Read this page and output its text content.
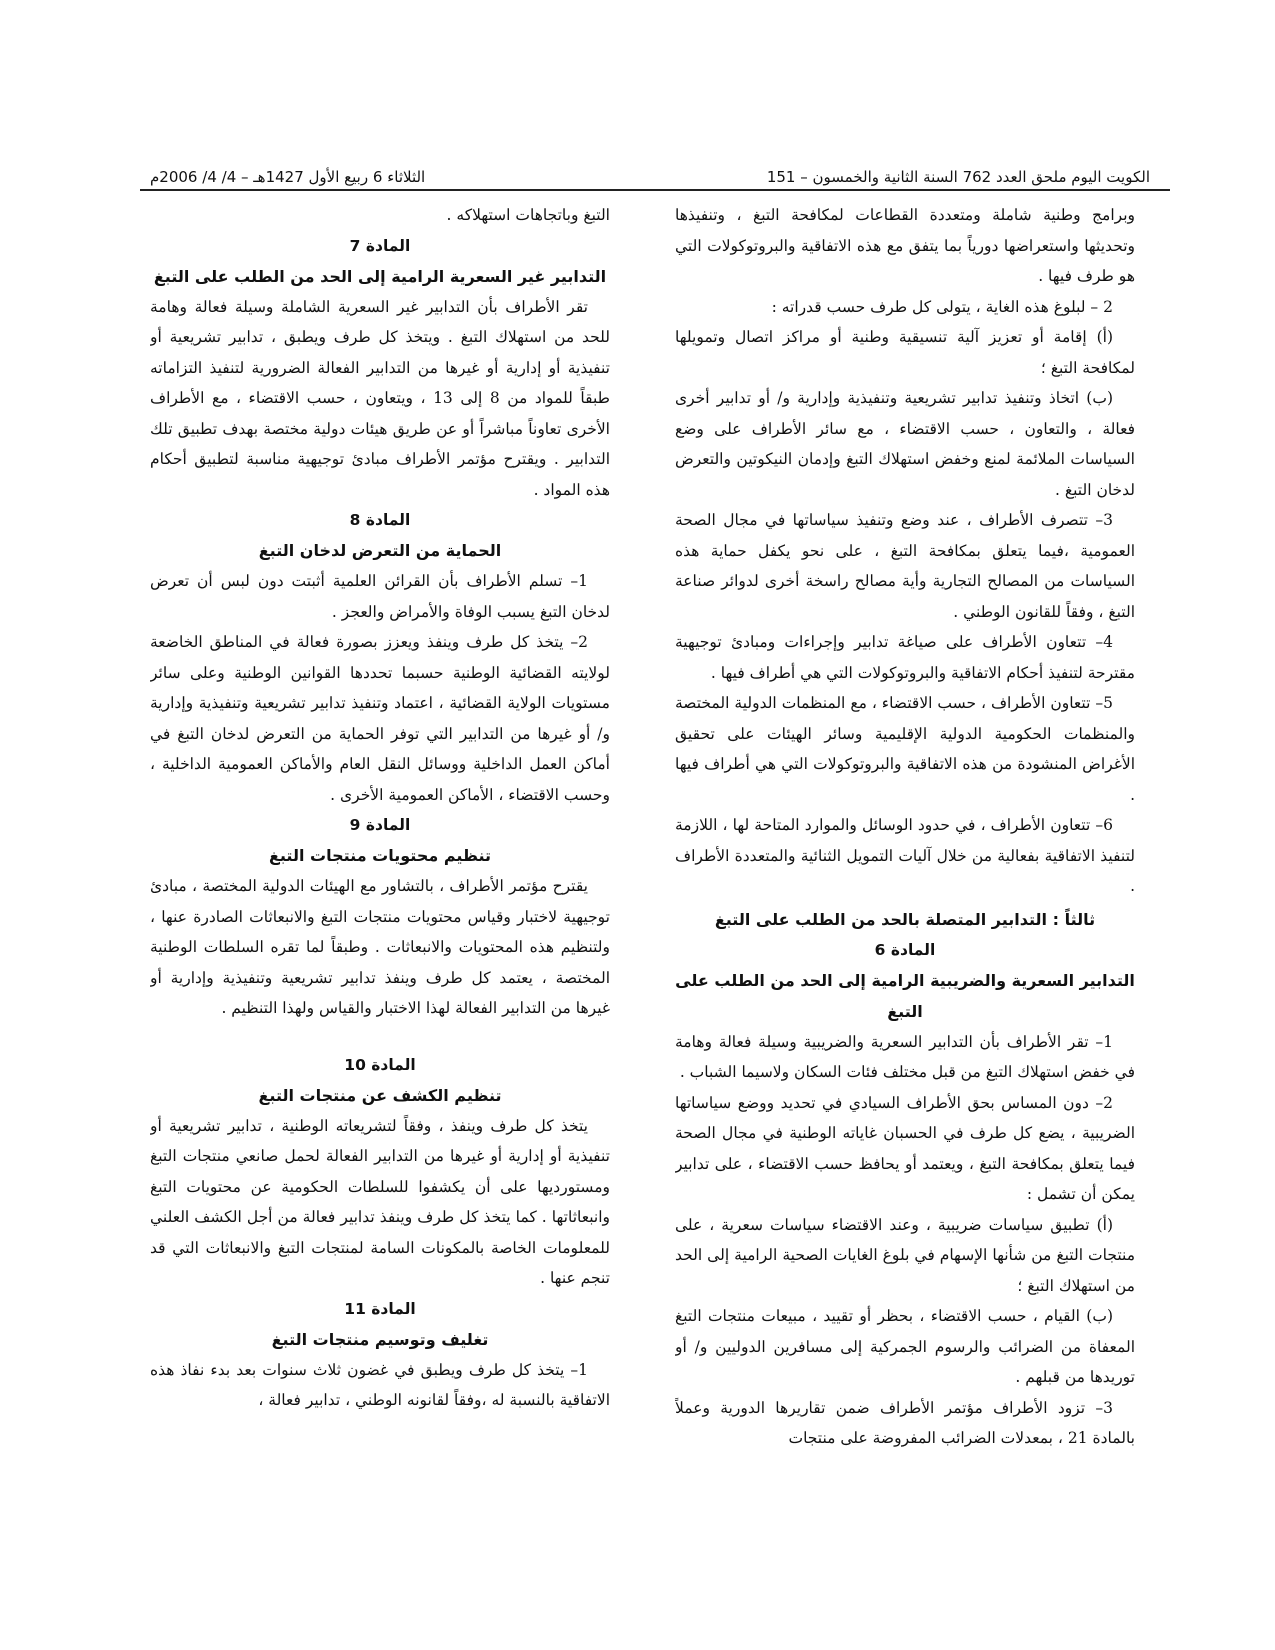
الكويت اليوم ملحق العدد 762 السنة الثانية والخمسون – 151
الثلاثاء 6 ربيع الأول 1427هـ – 4/ 4/ 2006م

وبرامج وطنية شاملة ومتعددة القطاعات لمكافحة التبغ ، وتنفيذها وتحديثها واستعراضها دورياً بما يتفق مع هذه الاتفاقية والبروتوكولات التي هو طرف فيها .

2 – لبلوغ هذه الغاية ، يتولى كل طرف حسب قدراته :

(أ) إقامة أو تعزيز آلية تنسيقية وطنية أو مراكز اتصال وتمويلها لمكافحة التبغ ؛

(ب) اتخاذ وتنفيذ تدابير تشريعية وتنفيذية وإدارية و/ أو تدابير أخرى فعالة ، والتعاون ، حسب الاقتضاء ، مع سائر الأطراف على وضع السياسات الملائمة لمنع وخفض استهلاك التبغ وإدمان النيكوتين والتعرض لدخان التبغ .

3– تتصرف الأطراف ، عند وضع وتنفيذ سياساتها في مجال الصحة العمومية ،فيما يتعلق بمكافحة التبغ ، على نحو يكفل حماية هذه السياسات من المصالح التجارية وأية مصالح راسخة أخرى لدوائر صناعة التبغ ، وفقاً للقانون الوطني .

4– تتعاون الأطراف على صياغة تدابير وإجراءات ومبادئ توجيهية مقترحة لتنفيذ أحكام الاتفاقية والبروتوكولات التي هي أطراف فيها .

5– تتعاون الأطراف ، حسب الاقتضاء ، مع المنظمات الدولية المختصة والمنظمات الحكومية الدولية الإقليمية وسائر الهيئات على تحقيق الأغراض المنشودة من هذه الاتفاقية والبروتوكولات التي هي أطراف فيها .

6– تتعاون الأطراف ، في حدود الوسائل والموارد المتاحة لها ، اللازمة لتنفيذ الاتفاقية بفعالية من خلال آليات التمويل الثنائية والمتعددة الأطراف .

ثالثاً : التدابير المتصلة بالحد من الطلب على التبغ
المادة 6
التدابير السعرية والضريبية الرامية إلى الحد من الطلب على التبغ

1– تقر الأطراف بأن التدابير السعرية والضريبية وسيلة فعالة وهامة في خفض استهلاك التبغ من قبل مختلف فئات السكان ولاسيما الشباب .

2– دون المساس بحق الأطراف السيادي في تحديد ووضع سياساتها الضريبية ، يضع كل طرف في الحسبان غاياته الوطنية في مجال الصحة فيما يتعلق بمكافحة التبغ ، ويعتمد أو يحافظ حسب الاقتضاء ، على تدابير يمكن أن تشمل :

(أ) تطبيق سياسات ضريبية ، وعند الاقتضاء سياسات سعرية ، على منتجات التبغ من شأنها الإسهام في بلوغ الغايات الصحية الرامية إلى الحد من استهلاك التبغ ؛

(ب) القيام ، حسب الاقتضاء ، بحظر أو تقييد ، مبيعات منتجات التبغ المعفاة من الضرائب والرسوم الجمركية إلى مسافرين الدوليين و/ أو توريدها من قبلهم .

3– تزود الأطراف مؤتمر الأطراف ضمن تقاريرها الدورية وعملاً بالمادة 21 ، بمعدلات الضرائب المفروضة على منتجات

التبغ وباتجاهات استهلاكه .

المادة 7
التدابير غير السعرية الرامية إلى الحد من الطلب على التبغ

تقر الأطراف بأن التدابير غير السعرية الشاملة وسيلة فعالة وهامة للحد من استهلاك التبغ . ويتخذ كل طرف ويطبق ، تدابير تشريعية أو تنفيذية أو إدارية أو غيرها من التدابير الفعالة الضرورية لتنفيذ التزاماته طبقاً للمواد من 8 إلى 13 ، ويتعاون ، حسب الاقتضاء ، مع الأطراف الأخرى تعاوناً مباشراً أو عن طريق هيئات دولية مختصة بهدف تطبيق تلك التدابير . ويقترح مؤتمر الأطراف مبادئ توجيهية مناسبة لتطبيق أحكام هذه المواد .

المادة 8
الحماية من التعرض لدخان التبغ

1– تسلم الأطراف بأن القرائن العلمية أثبتت دون لبس أن تعرض لدخان التبغ يسبب الوفاة والأمراض والعجز .

2– يتخذ كل طرف وينفذ ويعزز بصورة فعالة في المناطق الخاضعة لولايته القضائية الوطنية حسبما تحددها القوانين الوطنية وعلى سائر مستويات الولاية القضائية ، اعتماد وتنفيذ تدابير تشريعية وتنفيذية وإدارية و/ أو غيرها من التدابير التي توفر الحماية من التعرض لدخان التبغ في أماكن العمل الداخلية ووسائل النقل العام والأماكن العمومية الداخلية ، وحسب الاقتضاء ، الأماكن العمومية الأخرى .

المادة 9
تنظيم محتويات منتجات التبغ

يقترح مؤتمر الأطراف ، بالتشاور مع الهيئات الدولية المختصة ، مبادئ توجيهية لاختبار وقياس محتويات منتجات التبغ والانبعاثات الصادرة عنها ، ولتنظيم هذه المحتويات والانبعاثات . وطبقاً لما تقره السلطات الوطنية المختصة ، يعتمد كل طرف وينفذ تدابير تشريعية وتنفيذية وإدارية أو غيرها من التدابير الفعالة لهذا الاختبار والقياس ولهذا التنظيم .

المادة 10
تنظيم الكشف عن منتجات التبغ

يتخذ كل طرف وينفذ ، وفقاً لتشريعاته الوطنية ، تدابير تشريعية أو تنفيذية أو إدارية أو غيرها من التدابير الفعالة لحمل صانعي منتجات التبغ ومستورديها على أن يكشفوا للسلطات الحكومية عن محتويات التبغ وانبعاثاتها . كما يتخذ كل طرف وينفذ تدابير فعالة من أجل الكشف العلني للمعلومات الخاصة بالمكونات السامة لمنتجات التبغ والانبعاثات التي قد تنجم عنها .

المادة 11
تغليف وتوسيم منتجات التبغ

1– يتخذ كل طرف ويطبق في غضون ثلاث سنوات بعد بدء نفاذ هذه الاتفاقية بالنسبة له ،وفقاً لقانونه الوطني ، تدابير فعالة ،
